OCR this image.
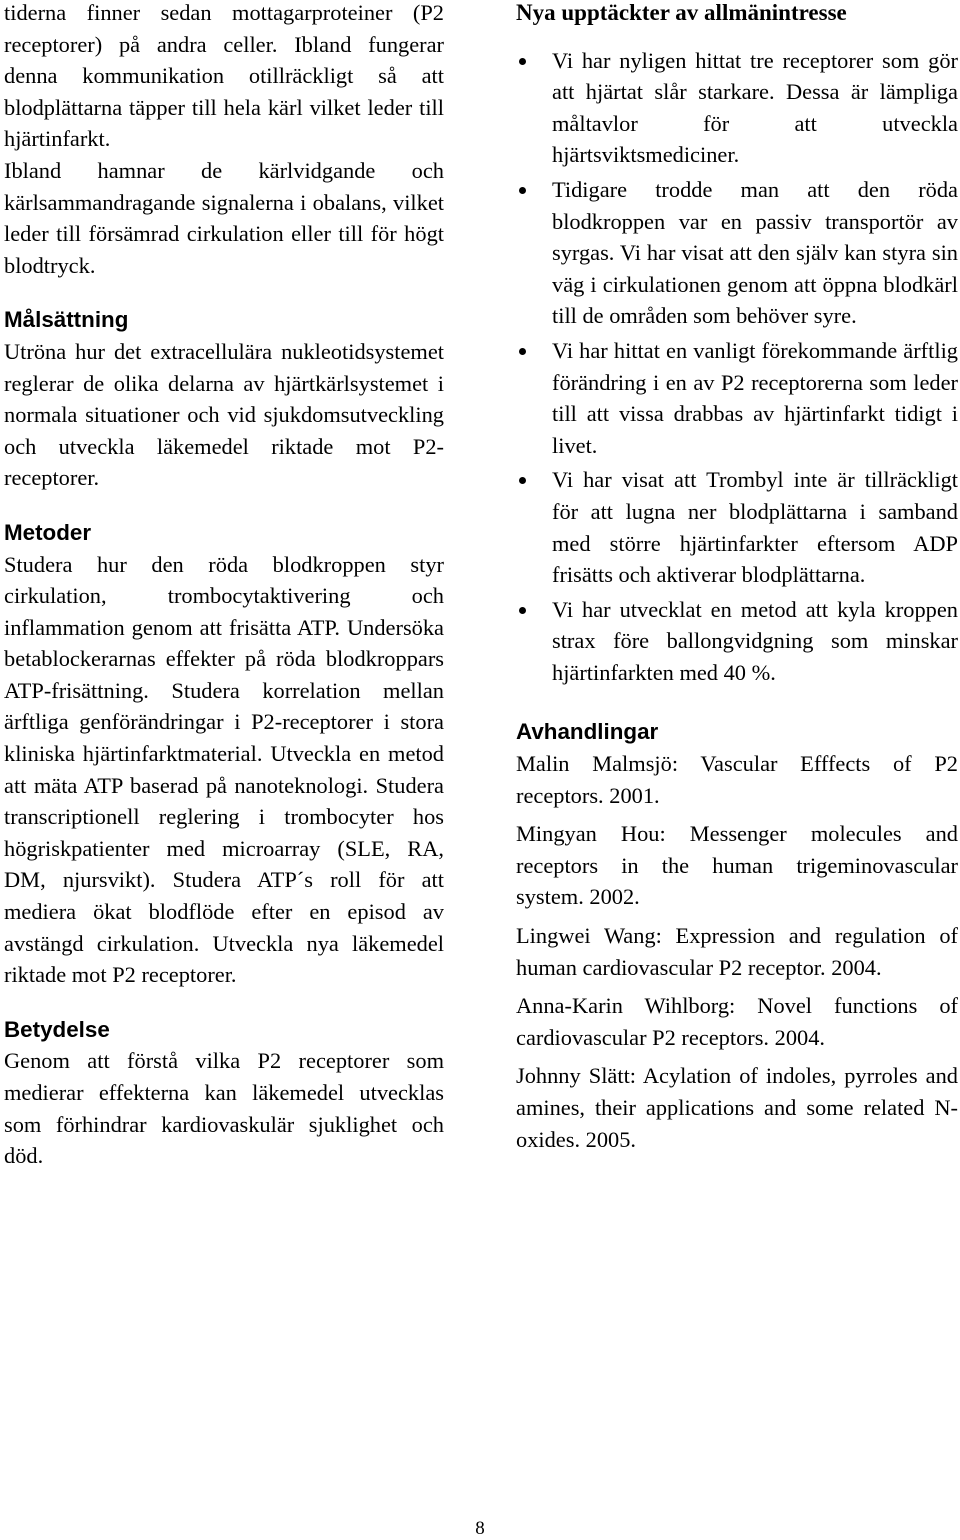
tiderna finner sedan mottagarproteiner (P2 receptorer) på andra celler. Ibland fungerar denna kommunikation otillräckligt så att blodplättarna täpper till hela kärl vilket leder till hjärtinfarkt.

Ibland hamnar de kärlvidgande och kärlsammandragande signalerna i obalans, vilket leder till försämrad cirkulation eller till för högt blodtryck.

Målsättning

Utröna hur det extracellulära nukleotidsystemet reglerar de olika delarna av hjärtkärlsystemet i normala situationer och vid sjukdomsutveckling och utveckla läkemedel riktade mot P2-receptorer.

Metoder

Studera hur den röda blodkroppen styr cirkulation, trombocytaktivering och inflammation genom att frisätta ATP. Undersöka betablockerarnas effekter på röda blodkroppars ATP-frisättning. Studera korrelation mellan ärftliga genförändringar i P2-receptorer i stora kliniska hjärtinfarktmaterial. Utveckla en metod att mäta ATP baserad på nanoteknologi. Studera transcriptionell reglering i trombocyter hos högriskpatienter med microarray (SLE, RA, DM, njursvikt). Studera ATP´s roll för att mediera ökat blodflöde efter en episod av avstängd cirkulation. Utveckla nya läkemedel riktade mot P2 receptorer.

Betydelse

Genom att förstå vilka P2 receptorer som medierar effekterna kan läkemedel utvecklas som förhindrar kardiovaskulär sjuklighet och död.

Nya upptäckter av allmänintresse
Vi har nyligen hittat tre receptorer som gör att hjärtat slår starkare. Dessa är lämpliga måltavlor för att utveckla hjärtsviktsmediciner.
Tidigare trodde man att den röda blodkroppen var en passiv transportör av syrgas. Vi har visat att den själv kan styra sin väg i cirkulationen genom att öppna blodkärl till de områden som behöver syre.
Vi har hittat en vanligt förekommande ärftlig förändring i en av P2 receptorerna som leder till att vissa drabbas av hjärtinfarkt tidigt i livet.
Vi har visat att Trombyl inte är tillräckligt för att lugna ner blodplättarna i samband med större hjärtinfarkter eftersom ADP frisätts och aktiverar blodplättarna.
Vi har utvecklat en metod att kyla kroppen strax före ballongvidgning som minskar hjärtinfarkten med 40 %.
Avhandlingar

Malin Malmsjö: Vascular Efffects of P2 receptors. 2001.

Mingyan Hou: Messenger molecules and receptors in the human trigeminovascular system. 2002.

Lingwei Wang: Expression and regulation of human cardiovascular P2 receptor. 2004.

Anna-Karin Wihlborg: Novel functions of cardiovascular P2 receptors. 2004.

Johnny Slätt: Acylation of indoles, pyrroles and amines, their applications and some related N-oxides. 2005.

8
